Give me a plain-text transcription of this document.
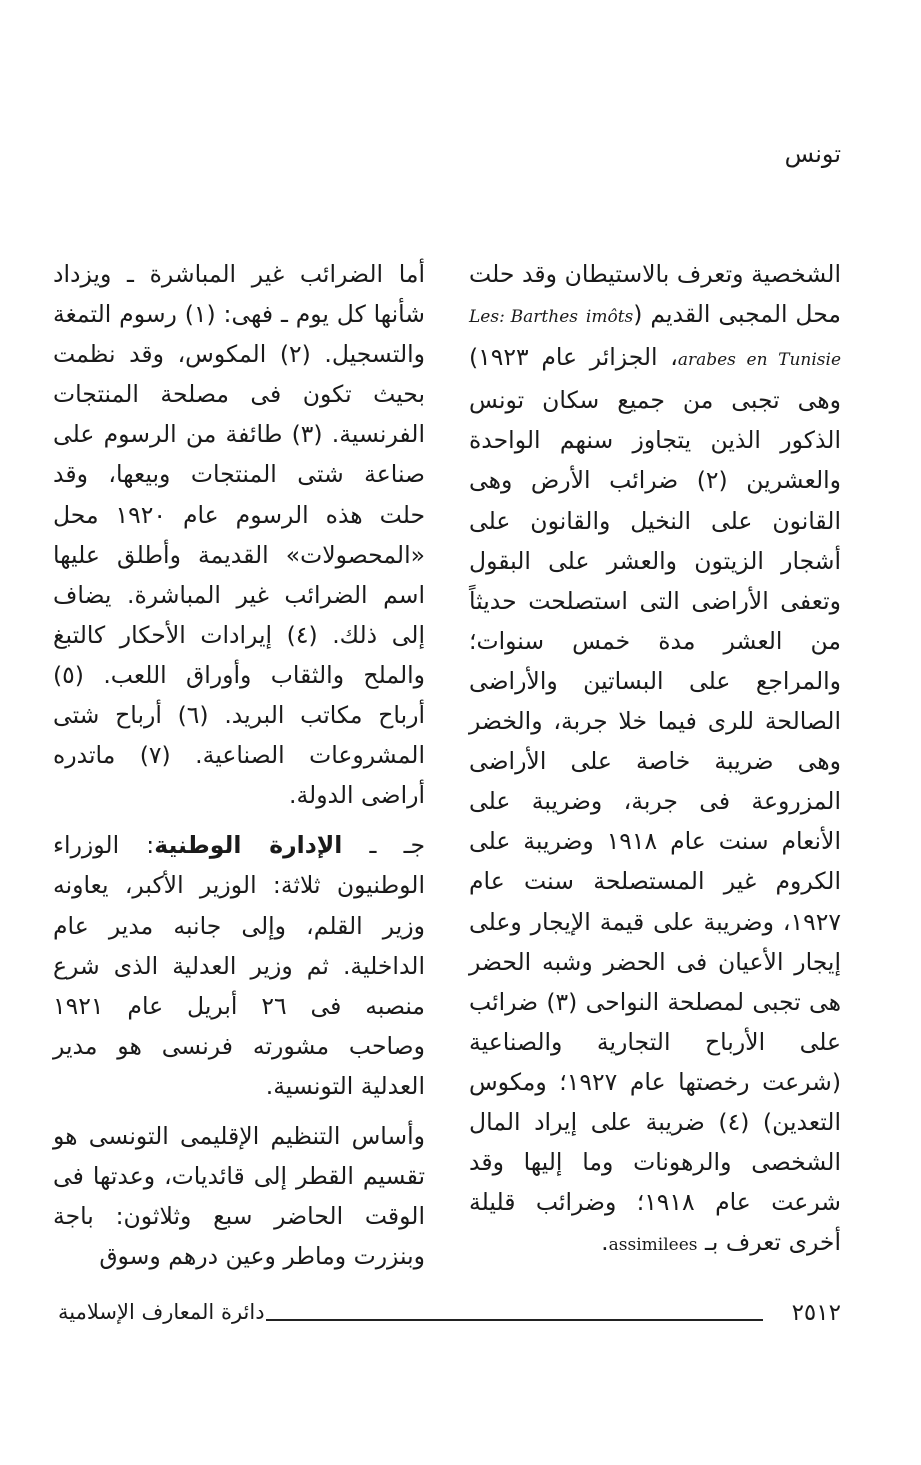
تونس

الشخصية وتعرف بالاستيطان وقد حلت محل المجبى القديم (Les: Barthes imôts arabes en Tunisie، الجزائر عام ١٩٢٣) وهى تجبى من جميع سكان تونس الذكور الذين يتجاوز سنهم الواحدة والعشرين (٢) ضرائب الأرض وهى القانون على النخيل والقانون على أشجار الزيتون والعشر على البقول وتعفى الأراضى التى استصلحت حديثاً من العشر مدة خمس سنوات؛ والمراجع على البساتين والأراضى الصالحة للرى فيما خلا جربة، والخضر وهى ضريبة خاصة على الأراضى المزروعة فى جربة، وضريبة على الأنعام سنت عام ١٩١٨ وضريبة على الكروم غير المستصلحة سنت عام ١٩٢٧، وضريبة على قيمة الإيجار وعلى إيجار الأعيان فى الحضر وشبه الحضر هى تجبى لمصلحة النواحى (٣) ضرائب على الأرباح التجارية والصناعية (شرعت رخصتها عام ١٩٢٧؛ ومكوس التعدين) (٤) ضريبة على إيراد المال الشخصى والرهونات وما إليها وقد شرعت عام ١٩١٨؛ وضرائب قليلة أخرى تعرف بـ assimilees.

أما الضرائب غير المباشرة ـ ويزداد شأنها كل يوم ـ فهى: (١) رسوم التمغة والتسجيل. (٢) المكوس، وقد نظمت بحيث تكون فى مصلحة المنتجات الفرنسية. (٣) طائفة من الرسوم على صناعة شتى المنتجات وبيعها، وقد حلت هذه الرسوم عام ١٩٢٠ محل «المحصولات» القديمة وأطلق عليها اسم الضرائب غير المباشرة. يضاف إلى ذلك. (٤) إيرادات الأحكار كالتبغ والملح والثقاب وأوراق اللعب. (٥) أرباح مكاتب البريد. (٦) أرباح شتى المشروعات الصناعية. (٧) ماتدره أراضى الدولة.

جـ ـ الإدارة الوطنية: الوزراء الوطنيون ثلاثة: الوزير الأكبر، يعاونه وزير القلم، وإلى جانبه مدير عام الداخلية. ثم وزير العدلية الذى شرع منصبه فى ٢٦ أبريل عام ١٩٢١ وصاحب مشورته فرنسى هو مدير العدلية التونسية.

وأساس التنظيم الإقليمى التونسى هو تقسيم القطر إلى قائديات، وعدتها فى الوقت الحاضر سبع وثلاثون: باجة وبنزرت وماطر وعين درهم وسوق

٢٥١٢
دائرة المعارف الإسلامية
